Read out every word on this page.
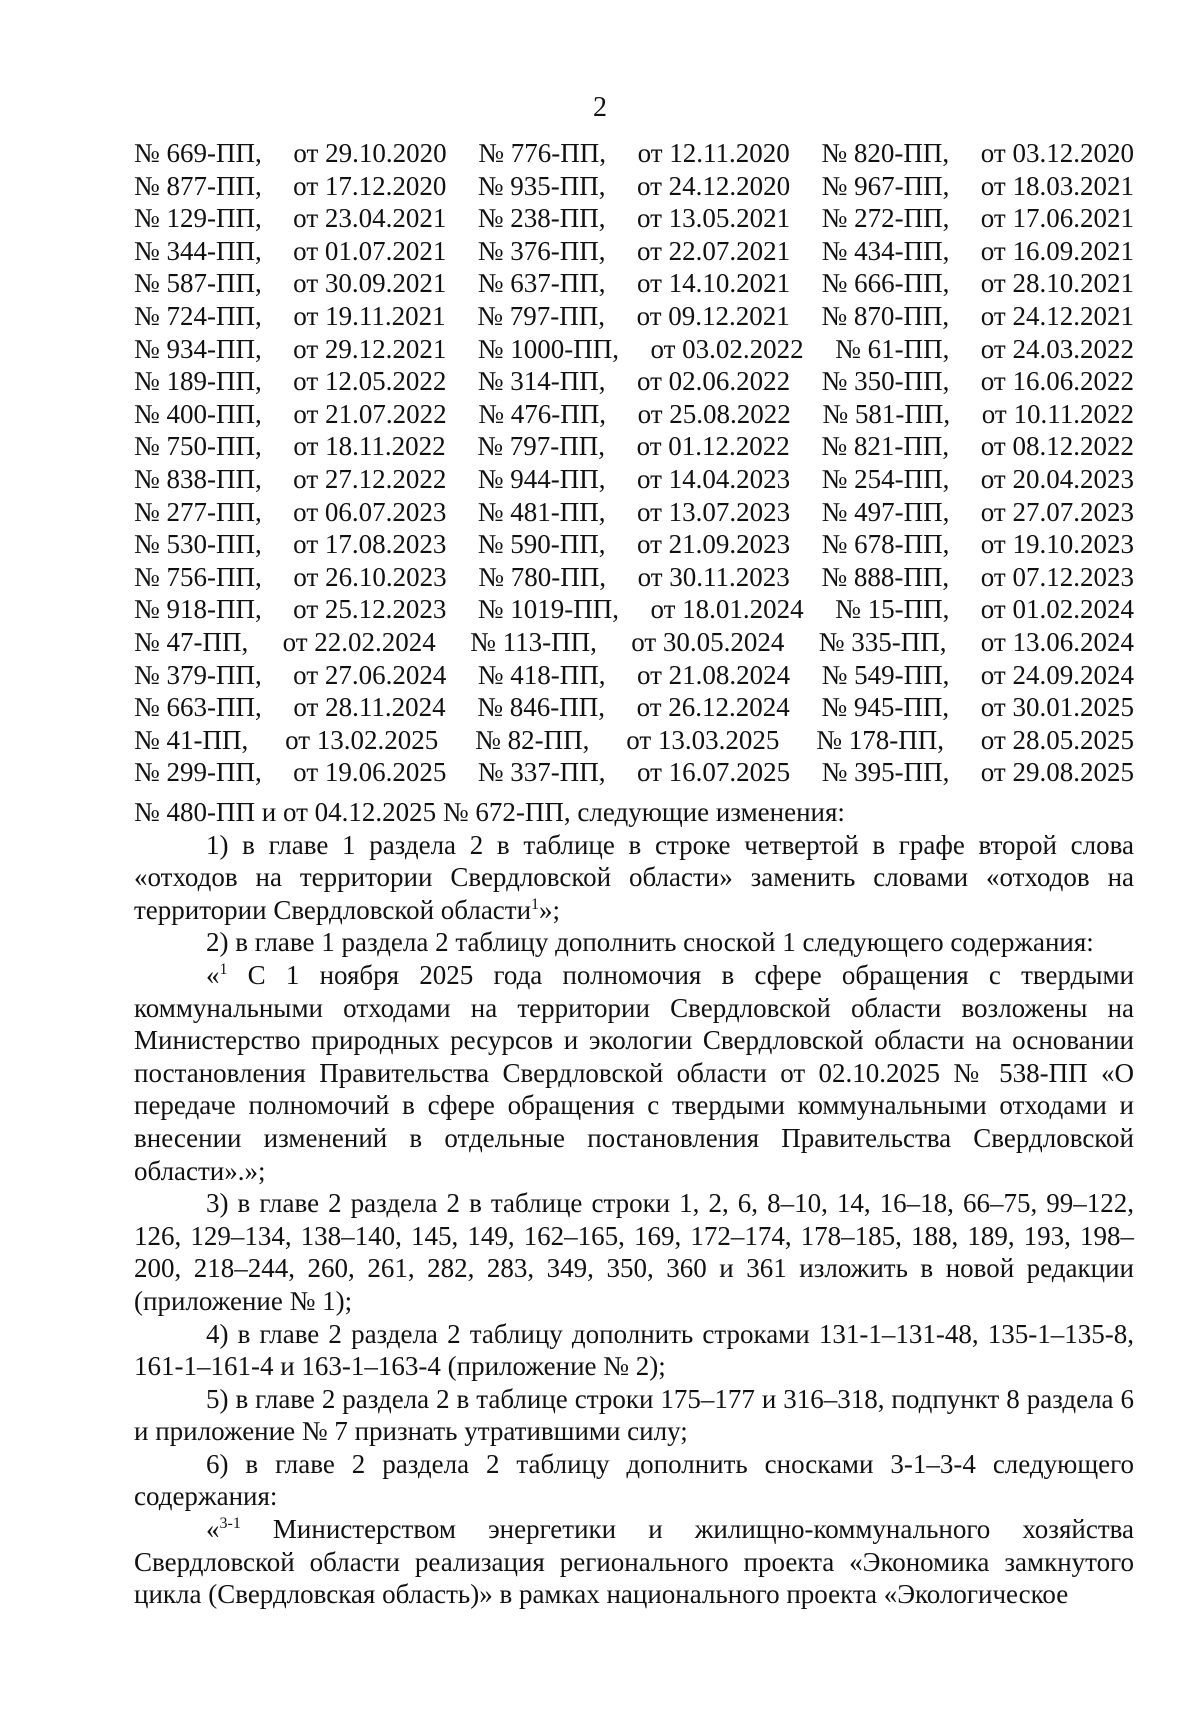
2
№ 669-ПП, от 29.10.2020 № 776-ПП, от 12.11.2020 № 820-ПП, от 03.12.2020
№ 877-ПП, от 17.12.2020 № 935-ПП, от 24.12.2020 № 967-ПП, от 18.03.2021
№ 129-ПП, от 23.04.2021 № 238-ПП, от 13.05.2021 № 272-ПП, от 17.06.2021
№ 344-ПП, от 01.07.2021 № 376-ПП, от 22.07.2021 № 434-ПП, от 16.09.2021
№ 587-ПП, от 30.09.2021 № 637-ПП, от 14.10.2021 № 666-ПП, от 28.10.2021
№ 724-ПП, от 19.11.2021 № 797-ПП, от 09.12.2021 № 870-ПП, от 24.12.2021
№ 934-ПП, от 29.12.2021 № 1000-ПП, от 03.02.2022 № 61-ПП, от 24.03.2022
№ 189-ПП, от 12.05.2022 № 314-ПП, от 02.06.2022 № 350-ПП, от 16.06.2022
№ 400-ПП, от 21.07.2022 № 476-ПП, от 25.08.2022 № 581-ПП, от 10.11.2022
№ 750-ПП, от 18.11.2022 № 797-ПП, от 01.12.2022 № 821-ПП, от 08.12.2022
№ 838-ПП, от 27.12.2022 № 944-ПП, от 14.04.2023 № 254-ПП, от 20.04.2023
№ 277-ПП, от 06.07.2023 № 481-ПП, от 13.07.2023 № 497-ПП, от 27.07.2023
№ 530-ПП, от 17.08.2023 № 590-ПП, от 21.09.2023 № 678-ПП, от 19.10.2023
№ 756-ПП, от 26.10.2023 № 780-ПП, от 30.11.2023 № 888-ПП, от 07.12.2023
№ 918-ПП, от 25.12.2023 № 1019-ПП, от 18.01.2024 № 15-ПП, от 01.02.2024
№ 47-ПП, от 22.02.2024 № 113-ПП, от 30.05.2024 № 335-ПП, от 13.06.2024
№ 379-ПП, от 27.06.2024 № 418-ПП, от 21.08.2024 № 549-ПП, от 24.09.2024
№ 663-ПП, от 28.11.2024 № 846-ПП, от 26.12.2024 № 945-ПП, от 30.01.2025
№ 41-ПП, от 13.02.2025 № 82-ПП, от 13.03.2025 № 178-ПП, от 28.05.2025
№ 299-ПП, от 19.06.2025 № 337-ПП, от 16.07.2025 № 395-ПП, от 29.08.2025

№ 480-ПП и от 04.12.2025 № 672-ПП, следующие изменения:

1) в главе 1 раздела 2 в таблице в строке четвертой в графе второй слова «отходов на территории Свердловской области» заменить словами «отходов на территории Свердловской области$^1$»;

2) в главе 1 раздела 2 таблицу дополнить сноской 1 следующего содержания:

«$^1$ С 1 ноября 2025 года полномочия в сфере обращения с твердыми коммунальными отходами на территории Свердловской области возложены на Министерство природных ресурсов и экологии Свердловской области на основании постановления Правительства Свердловской области от 02.10.2025 № 538-ПП «О передаче полномочий в сфере обращения с твердыми коммунальными отходами и внесении изменений в отдельные постановления Правительства Свердловской области».»;

3) в главе 2 раздела 2 в таблице строки 1, 2, 6, 8–10, 14, 16–18, 66–75, 99–122, 126, 129–134, 138–140, 145, 149, 162–165, 169, 172–174, 178–185, 188, 189, 193, 198–200, 218–244, 260, 261, 282, 283, 349, 350, 360 и 361 изложить в новой редакции (приложение № 1);

4) в главе 2 раздела 2 таблицу дополнить строками 131-1–131-48, 135-1–135-8, 161-1–161-4 и 163-1–163-4 (приложение № 2);

5) в главе 2 раздела 2 в таблице строки 175–177 и 316–318, подпункт 8 раздела 6 и приложение № 7 признать утратившими силу;

6) в главе 2 раздела 2 таблицу дополнить сносками 3-1–3-4 следующего содержания:

«$^{3-1}$ Министерством энергетики и жилищно-коммунального хозяйства Свердловской области реализация регионального проекта «Экономика замкнутого цикла (Свердловская область)» в рамках национального проекта «Экологическое
